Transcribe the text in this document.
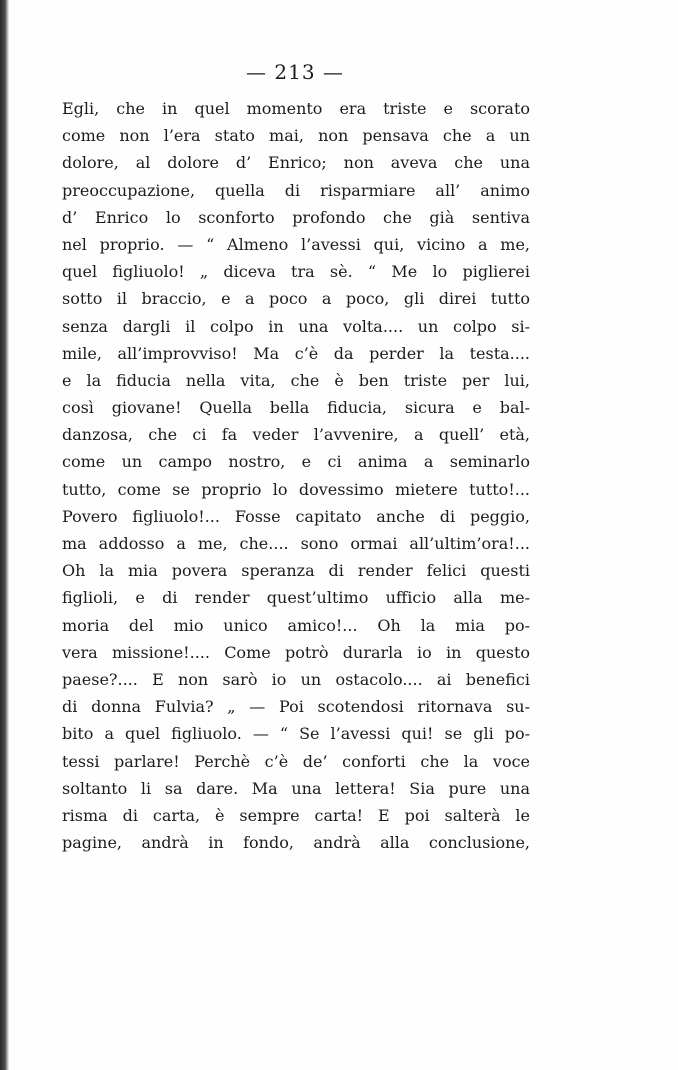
— 213 —
Egli, che in quel momento era triste e scorato
come non l’era stato mai, non pensava che a un
dolore, al dolore d’ Enrico; non aveva che una
preoccupazione, quella di risparmiare all’ animo
d’ Enrico lo sconforto profondo che già sentiva
nel proprio. — “ Almeno l’avessi qui, vicino a me,
quel figliuolo! „ diceva tra sè. “ Me lo piglierei
sotto il braccio, e a poco a poco, gli direi tutto
senza dargli il colpo in una volta.... un colpo si-
mile, all’improvviso! Ma c’è da perder la testa....
e la fiducia nella vita, che è ben triste per lui,
così giovane! Quella bella fiducia, sicura e bal-
danzosa, che ci fa veder l’avvenire, a quell’ età,
come un campo nostro, e ci anima a seminarlo
tutto, come se proprio lo dovessimo mietere tutto!...
Povero figliuolo!... Fosse capitato anche di peggio,
ma addosso a me, che.... sono ormai all’ultim’ora!...
Oh la mia povera speranza di render felici questi
figlioli, e di render quest’ultimo ufficio alla me-
moria del mio unico amico!... Oh la mia po-
vera missione!.... Come potrò durarla io in questo
paese?.... E non sarò io un ostacolo.... ai benefici
di donna Fulvia? „ — Poi scotendosi ritornava su-
bito a quel figliuolo. — “ Se l’avessi qui! se gli po-
tessi parlare! Perchè c’è de’ conforti che la voce
soltanto li sa dare. Ma una lettera! Sia pure una
risma di carta, è sempre carta! E poi salterà le
pagine, andrà in fondo, andrà alla conclusione,
